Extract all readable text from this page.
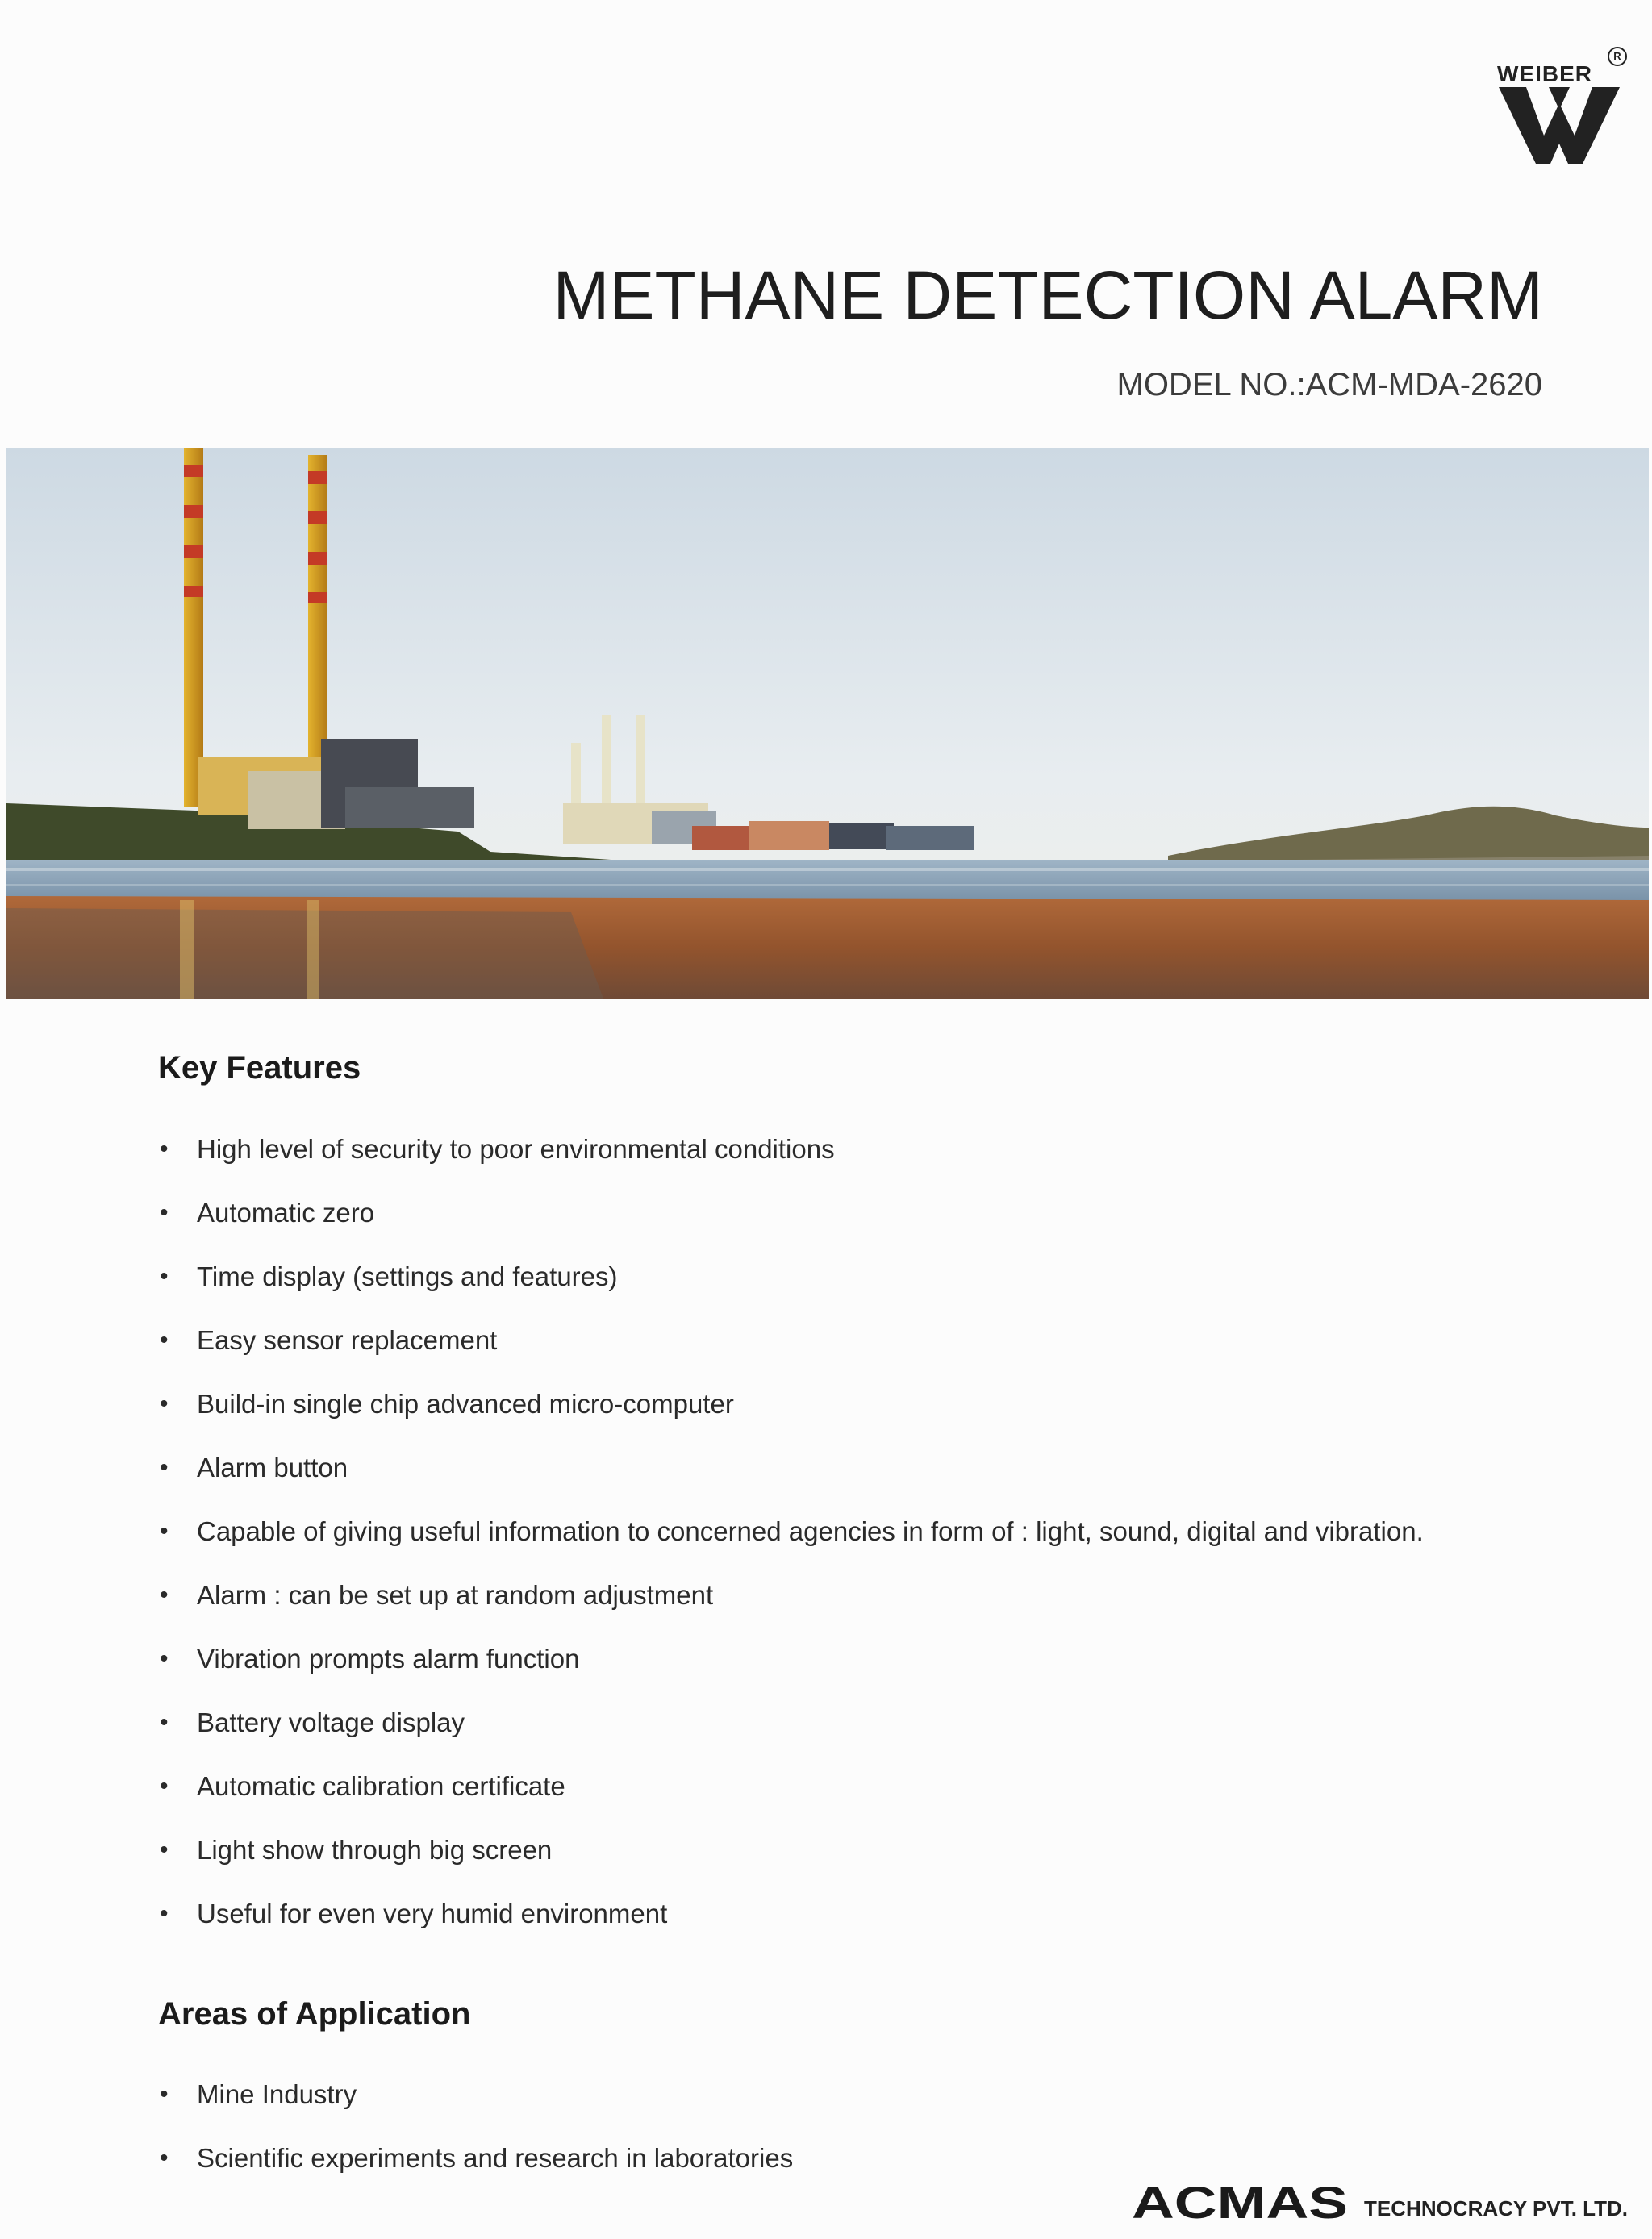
R
WEIBER
METHANE DETECTION ALARM

MODEL NO.:ACM-MDA-2620

Key Features
• High level of security to poor environmental conditions
• Automatic zero
• Time display (settings and features)
• Easy sensor replacement
• Build-in single chip advanced micro-computer
• Alarm button
• Capable of giving useful information to concerned agencies in form of : light, sound, digital and vibration.
• Alarm : can be set up at random adjustment
• Vibration prompts alarm function
• Battery voltage display
• Automatic calibration certificate
• Light show through big screen
• Useful for even very humid environment
Areas of Application
• Mine Industry
• Scientific experiments and research in laboratories
ACMAS TECHNOCRACY PVT. LTD.
